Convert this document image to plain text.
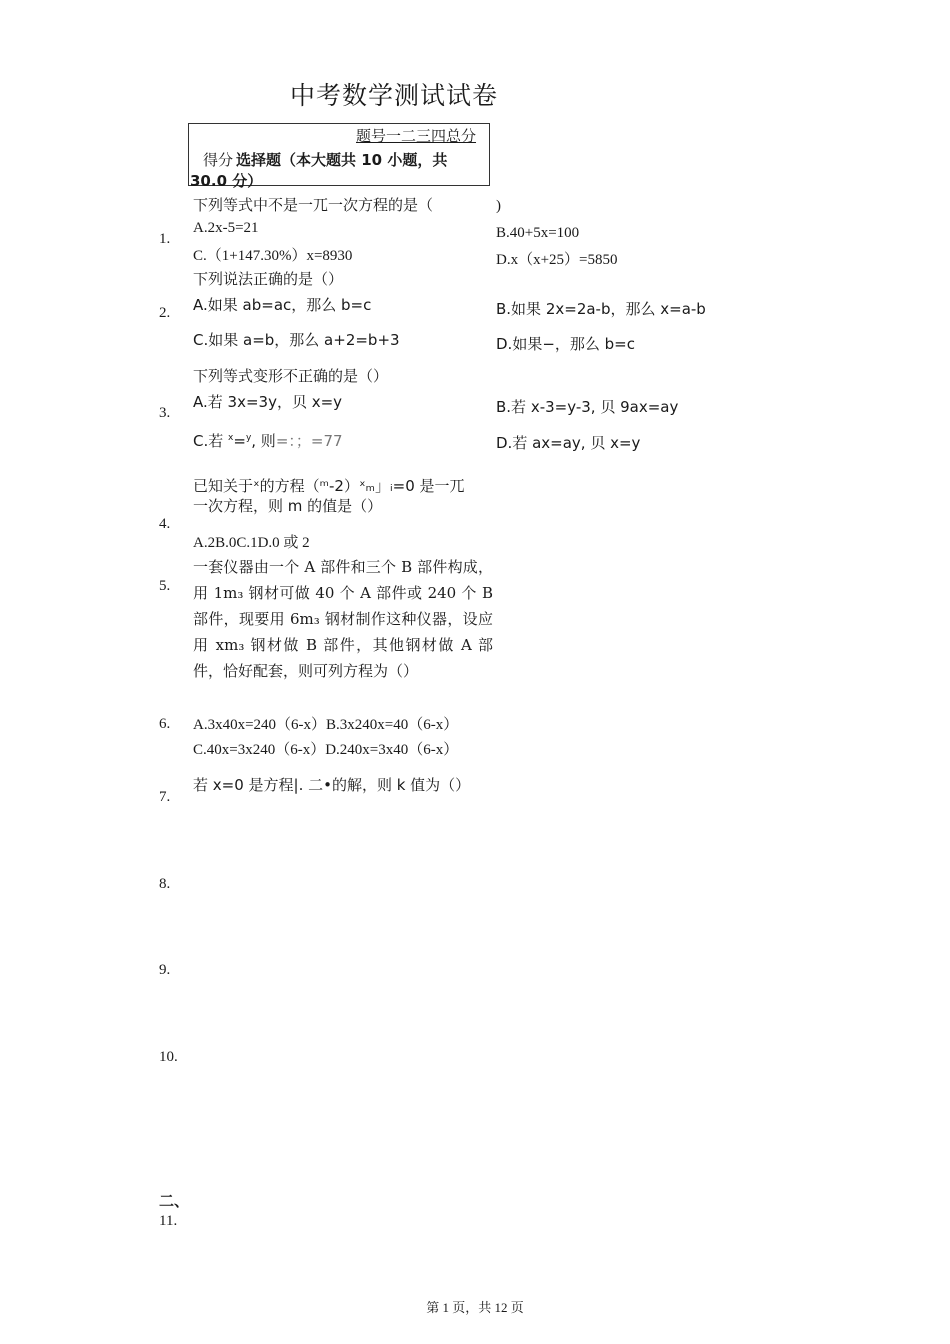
中考数学测试试卷
题号一二三四总分
得分 选择题（本大题共 10 小题，共
30.0 分）
下列等式中不是一兀一次方程的是（	)
1.
A.2x-5=21	B.40+5x=100
C.（1+147.30%）x=8930	D.x（x+25）=5850
下列说法正确的是（）
2. A.如果 ab=ac，那么 b=c	B.如果 2x=2a-b，那么 x=a-b
C.如果 a=b，那么 a+2=b+3	D.如果−，那么 b=c
下列等式变形不正确的是（）
3.
A.若 3x=3y，贝 x=y	B.若 x-3=y-3, 贝 9ax=ay
C.若 $^x$=$^y$, 则=：；=77	D.若 ax=ay, 贝 x=y
已知关于ˣ的方程（ᵐ-2）ˣₘ」ᵢ=0 是一兀
一次方程，则 m 的值是（）
4.
A.2B.0C.1D.0 或 2
5.
一套仪器由一个 A 部件和三个 B 部件构成，用 1m₃ 钢材可做 40 个 A 部件或 240 个 B 部件，现要用 6m₃ 钢材制作这种仪器，设应用 xm₃ 钢材做 B 部件，其他钢材做 A 部件，恰好配套，则可列方程为（）
6. A.3x40x=240（6-x）B.3x240x=40（6-x）
C.40x=3x240（6-x）D.240x=3x40（6-x）
若 x=0 是方程|. 二•的解，则 k 值为（）
7.
8.
9.
10.
二、
11.
第 1 页，共 12 页
